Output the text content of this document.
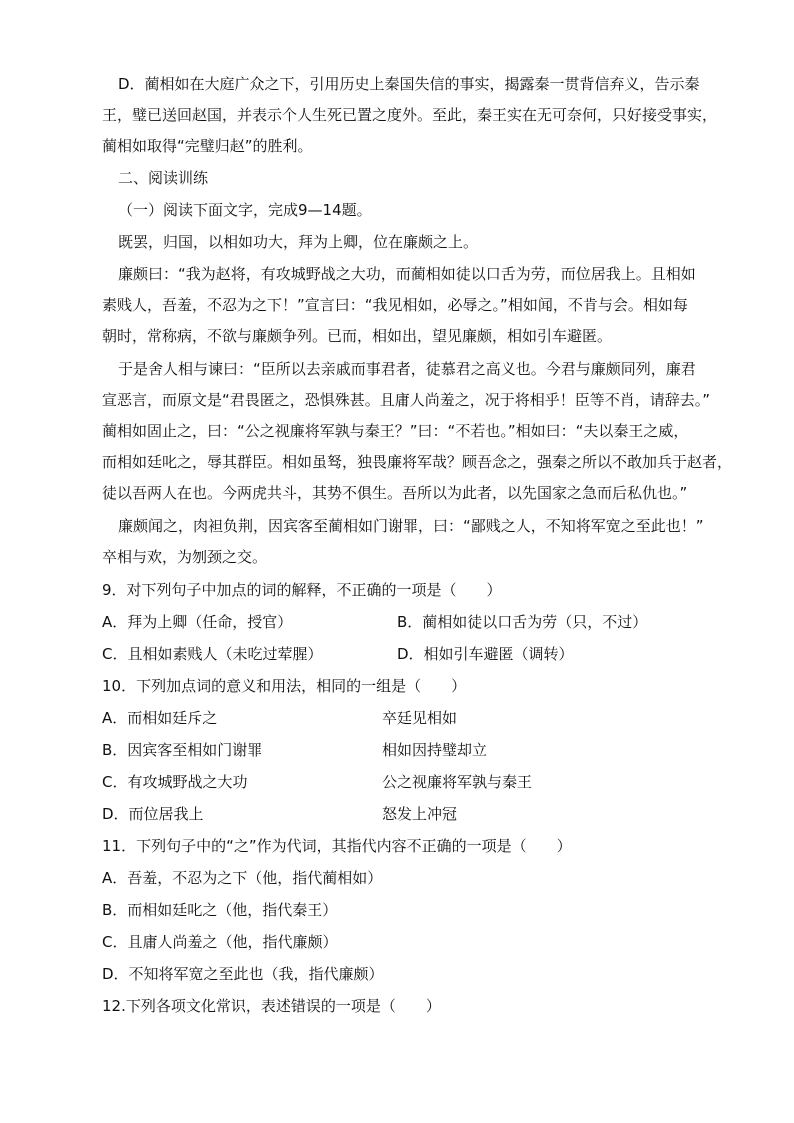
D．蔺相如在大庭广众之下，引用历史上秦国失信的事实，揭露秦一贯背信弃义，告示秦
王，璧已送回赵国，并表示个人生死已置之度外。至此，秦王实在无可奈何，只好接受事实，
蔺相如取得“完璧归赵”的胜利。
二、阅读训练
（一）阅读下面文字，完成9—14题。
既罢，归国，以相如功大，拜为上卿，位在廉颇之上。
廉颇曰：“我为赵将，有攻城野战之大功，而蔺相如徒以口舌为劳，而位居我上。且相如
素贱人，吾羞，不忍为之下！”宣言曰：“我见相如，必辱之。”相如闻，不肯与会。相如每
朝时，常称病，不欲与廉颇争列。已而，相如出，望见廉颇，相如引车避匿。
于是舍人相与谏曰：“臣所以去亲戚而事君者，徒慕君之高义也。今君与廉颇同列，廉君
宣恶言，而原文是“君畏匿之，恐惧殊甚。且庸人尚羞之，况于将相乎！臣等不肖，请辞去。”
蔺相如固止之，曰：“公之视廉将军孰与秦王？”曰：“不若也。”相如曰：“夫以秦王之威，
而相如廷叱之，辱其群臣。相如虽驽，独畏廉将军哉？顾吾念之，强秦之所以不敢加兵于赵者，
徒以吾两人在也。今两虎共斗，其势不俱生。吾所以为此者，以先国家之急而后私仇也。”
廉颇闻之，肉袒负荆，因宾客至蔺相如门谢罪，曰：“鄙贱之人，不知将军宽之至此也！”
卒相与欢，为刎颈之交。
9．对下列句子中加点的词的解释，不正确的一项是（　　）
A．拜为上卿（任命，授官）	B．蔺相如徒以口舌为劳（只，不过）
C．且相如素贱人（未吃过荤腥）	D．相如引车避匿（调转）
10．下列加点词的意义和用法，相同的一组是（　　）
A．而相如廷斥之	卒廷见相如
B．因宾客至相如门谢罪	相如因持璧却立
C．有攻城野战之大功	公之视廉将军孰与秦王
D．而位居我上	怒发上冲冠
11．下列句子中的“之”作为代词，其指代内容不正确的一项是（　　）
A．吾羞，不忍为之下（他，指代蔺相如）
B．而相如廷叱之（他，指代秦王）
C．且庸人尚羞之（他，指代廉颇）
D．不知将军宽之至此也（我，指代廉颇）
12.下列各项文化常识，表述错误的一项是（　　）
